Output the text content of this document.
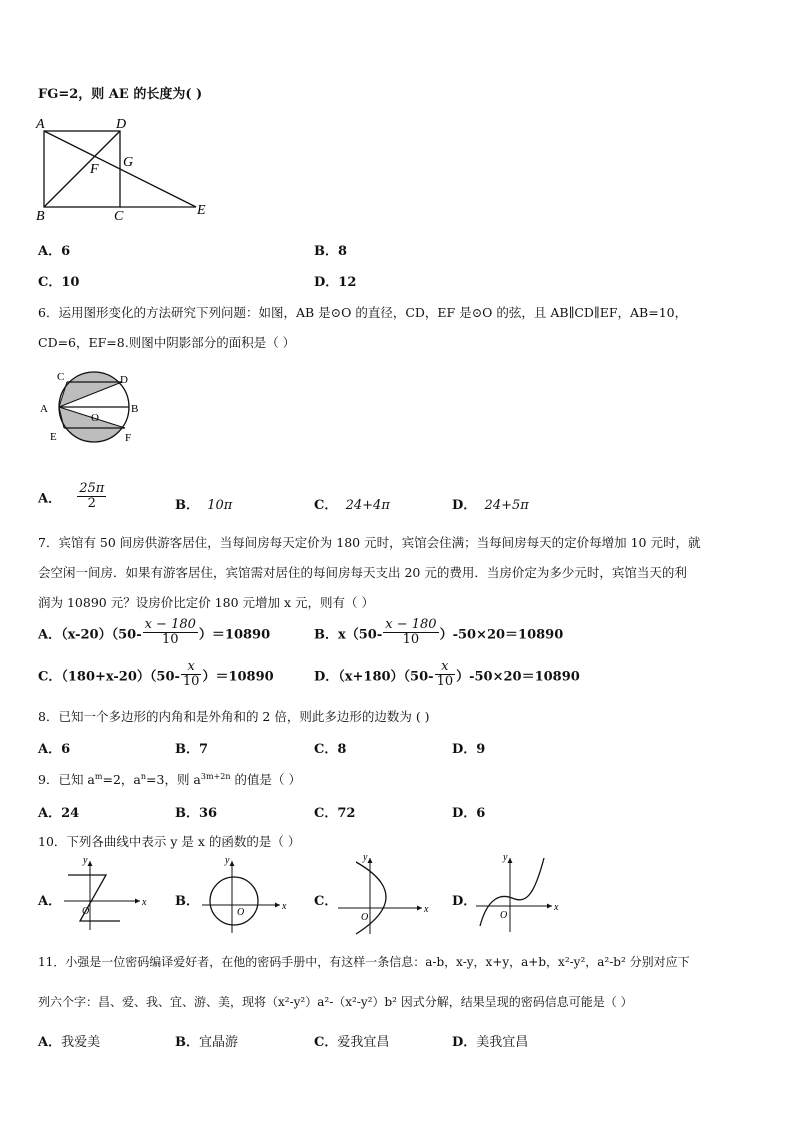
FG=2，则 AE 的长度为( )
A	D
F G
B	C	E
A．6	B．8
C．10	D．12
6．运用图形变化的方法研究下列问题：如图，AB 是⊙O 的直径，CD，EF 是⊙O 的弦，且 AB∥CD∥EF，AB=10，
CD=6，EF=8.则图中阴影部分的面积是（ ）
C	D
A
O
B
E	F
A． $\frac{25\pi}{2}$	B． 10π	C． 24+4π	D． 24+5π
7．宾馆有 50 间房供游客居住，当每间房每天定价为 180 元时，宾馆会住满；当每间房每天的定价每增加 10 元时，就
会空闲一间房．如果有游客居住，宾馆需对居住的每间房每天支出 20 元的费用．当房价定为多少元时，宾馆当天的利
润为 10890 元？设房价比定价 180 元增加 x 元，则有（ ）
A．$(x-20)(50- \frac{x - 180}{10} )=10890$	B．$x(50- \frac{x - 180}{10} )-50\times 20=10890$
C．$(180+x-20)(50- \frac{x}{10} )=10890$	D．$(x+180)(50- \frac{x}{10} )-50\times 20=10890$
8．已知一个多边形的内角和是外角和的 2 倍，则此多边形的边数为 ( )
A．6	B．7	C．8	D．9
9．已知 $a^m=2$，$a^n=3$，则 $a^{3m+2n}$ 的值是（ ）
A．24	B．36	C．72	D．6
10．下列各曲线中表示 y 是 x 的函数的是（ ）
A．	x
y
O
B．	x
y
O
C．
x
y
O
D．	x
y
O
11．小强是一位密码编译爱好者，在他的密码手册中，有这样一条信息：a-b，x-y，x+y，a+b，x²-y²，a²-b² 分别对应下
列六个字：昌、爱、我、宜、游、美，现将（x²-y²）a²-（x²-y²）b² 因式分解，结果呈现的密码信息可能是（ ）
A．我爱美	B．宜晶游	C．爱我宜昌	D．美我宜昌
